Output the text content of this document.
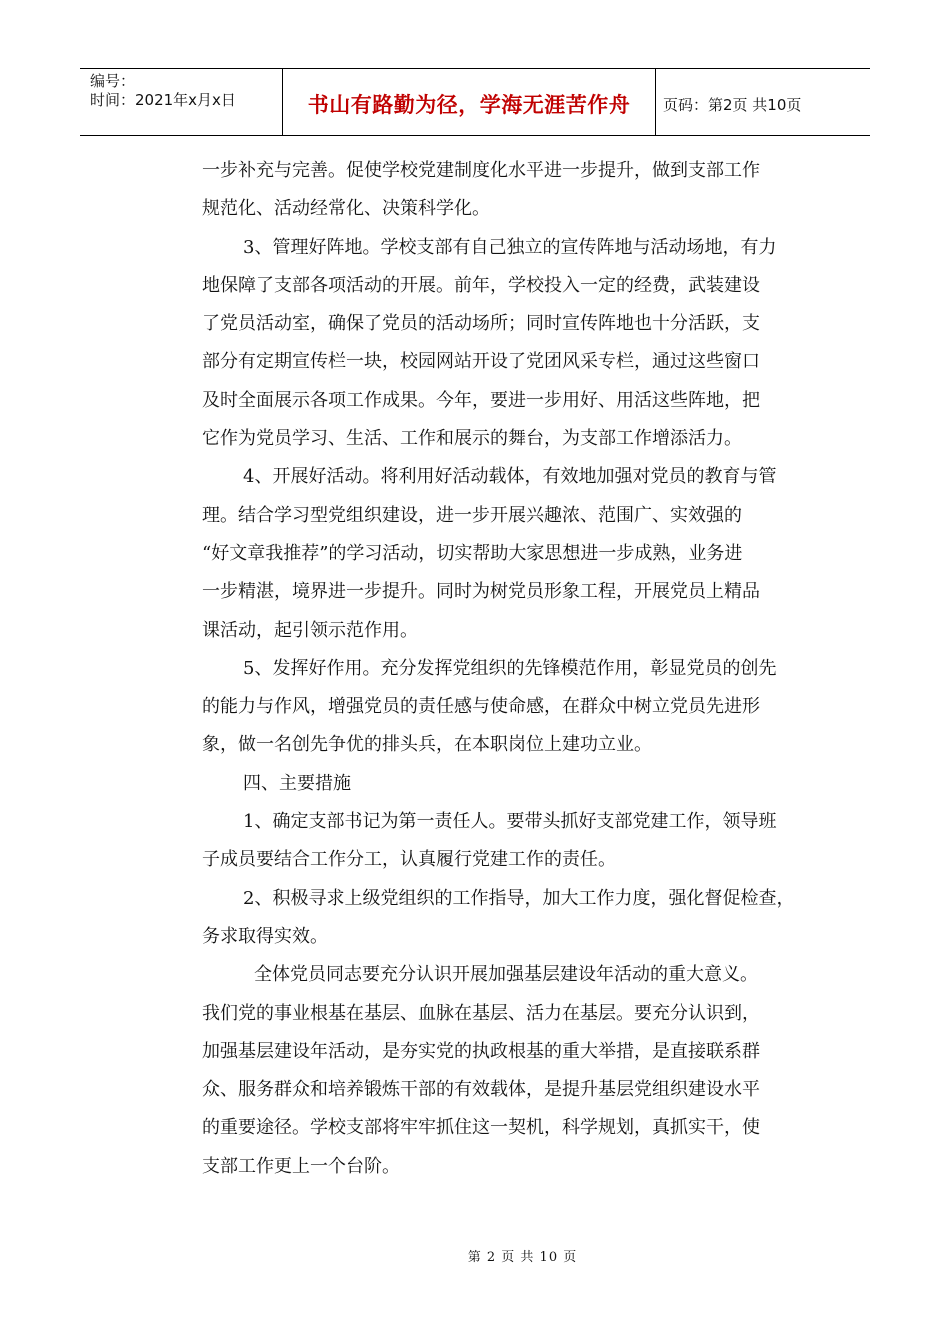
编号：
时间：2021年x月x日	书山有路勤为径，学海无涯苦作舟	页码：第2页 共10页

一步补充与完善。促使学校党建制度化水平进一步提升，做到支部工作

规范化、活动经常化、决策科学化。

3、管理好阵地。学校支部有自己独立的宣传阵地与活动场地，有力

地保障了支部各项活动的开展。前年，学校投入一定的经费，武装建设

了党员活动室，确保了党员的活动场所；同时宣传阵地也十分活跃，支

部分有定期宣传栏一块，校园网站开设了党团风采专栏，通过这些窗口

及时全面展示各项工作成果。今年，要进一步用好、用活这些阵地，把

它作为党员学习、生活、工作和展示的舞台，为支部工作增添活力。

4、开展好活动。将利用好活动载体，有效地加强对党员的教育与管

理。结合学习型党组织建设，进一步开展兴趣浓、范围广、实效强的

“好文章我推荐”的学习活动，切实帮助大家思想进一步成熟，业务进

一步精湛，境界进一步提升。同时为树党员形象工程，开展党员上精品

课活动，起引领示范作用。

5、发挥好作用。充分发挥党组织的先锋模范作用，彰显党员的创先

的能力与作风，增强党员的责任感与使命感，在群众中树立党员先进形

象，做一名创先争优的排头兵，在本职岗位上建功立业。

四、主要措施

1、确定支部书记为第一责任人。要带头抓好支部党建工作，领导班

子成员要结合工作分工，认真履行党建工作的责任。

2、积极寻求上级党组织的工作指导，加大工作力度，强化督促检查，

务求取得实效。

全体党员同志要充分认识开展加强基层建设年活动的重大意义。

我们党的事业根基在基层、血脉在基层、活力在基层。要充分认识到，

加强基层建设年活动，是夯实党的执政根基的重大举措，是直接联系群

众、服务群众和培养锻炼干部的有效载体，是提升基层党组织建设水平

的重要途径。学校支部将牢牢抓住这一契机，科学规划，真抓实干，使

支部工作更上一个台阶。

第 2 页 共 10 页
